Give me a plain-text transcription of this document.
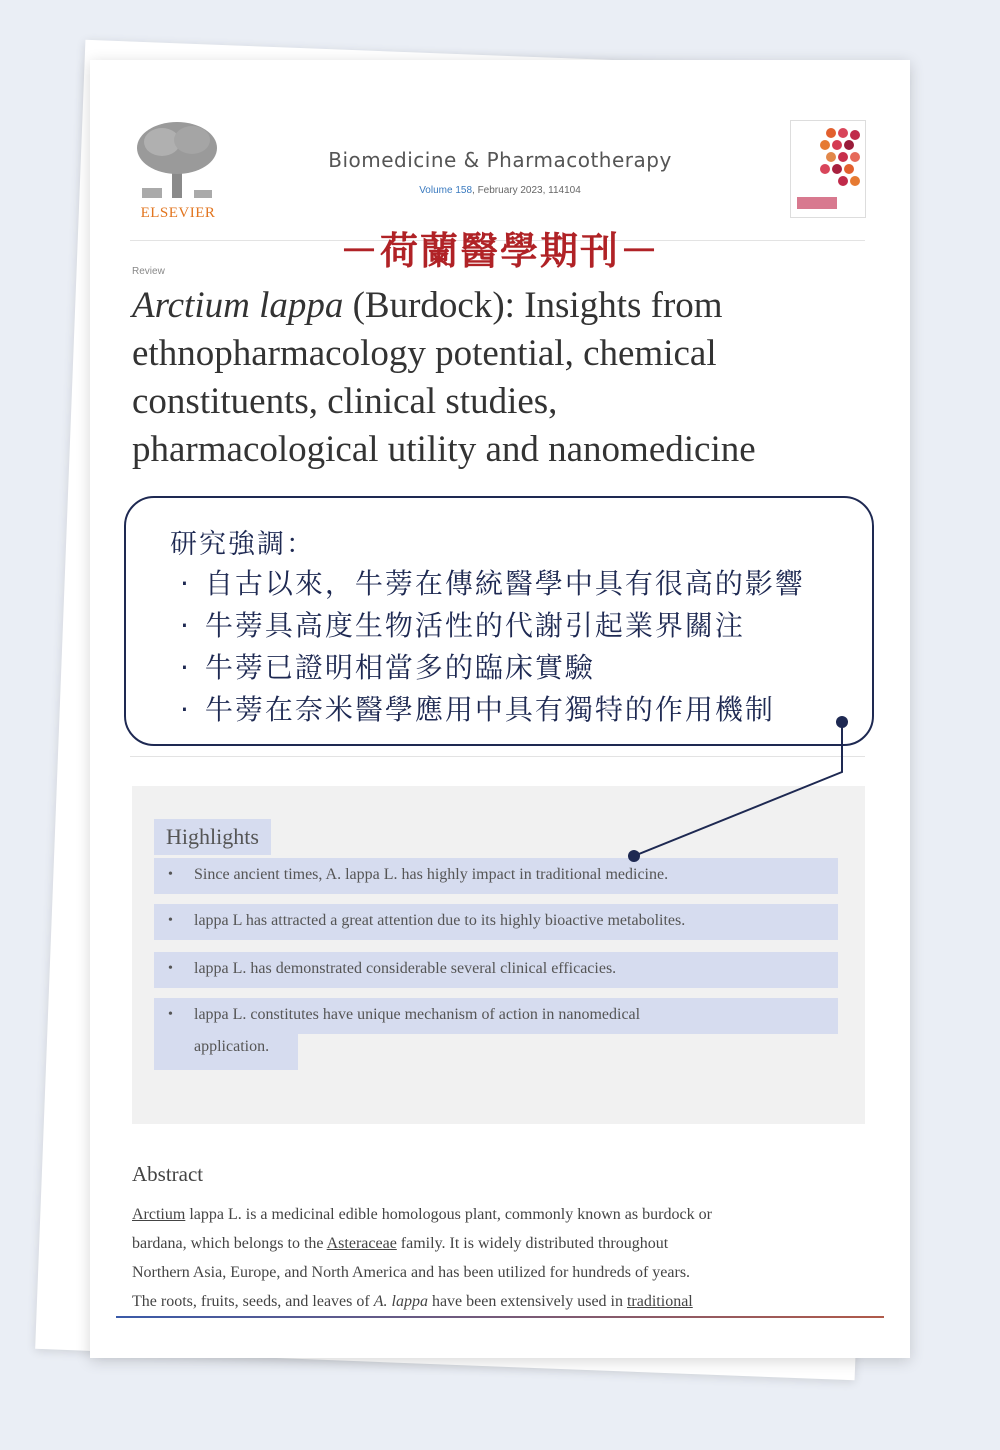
ELSEVIER
Biomedicine & Pharmacotherapy
Volume 158, February 2023, 114104
－荷蘭醫學期刊－
Review
Arctium lappa (Burdock): Insights from
ethnopharmacology potential, chemical
constituents, clinical studies,
pharmacological utility and nanomedicine
Highlights
• Since ancient times, A. lappa L. has highly impact in traditional medicine.
• lappa L has attracted a great attention due to its highly bioactive metabolites.
• lappa L. has demonstrated considerable several clinical efficacies.
• lappa L. constitutes have unique mechanism of action in nanomedical
application.
Abstract
Arctium lappa L. is a medicinal edible homologous plant, commonly known as burdock or
bardana, which belongs to the Asteraceae family. It is widely distributed throughout
Northern Asia, Europe, and North America and has been utilized for hundreds of years.
The roots, fruits, seeds, and leaves of A. lappa have been extensively used in traditional
研究強調：
· 自古以來，牛蒡在傳統醫學中具有很高的影響
· 牛蒡具高度生物活性的代謝引起業界關注
· 牛蒡已證明相當多的臨床實驗
· 牛蒡在奈米醫學應用中具有獨特的作用機制
